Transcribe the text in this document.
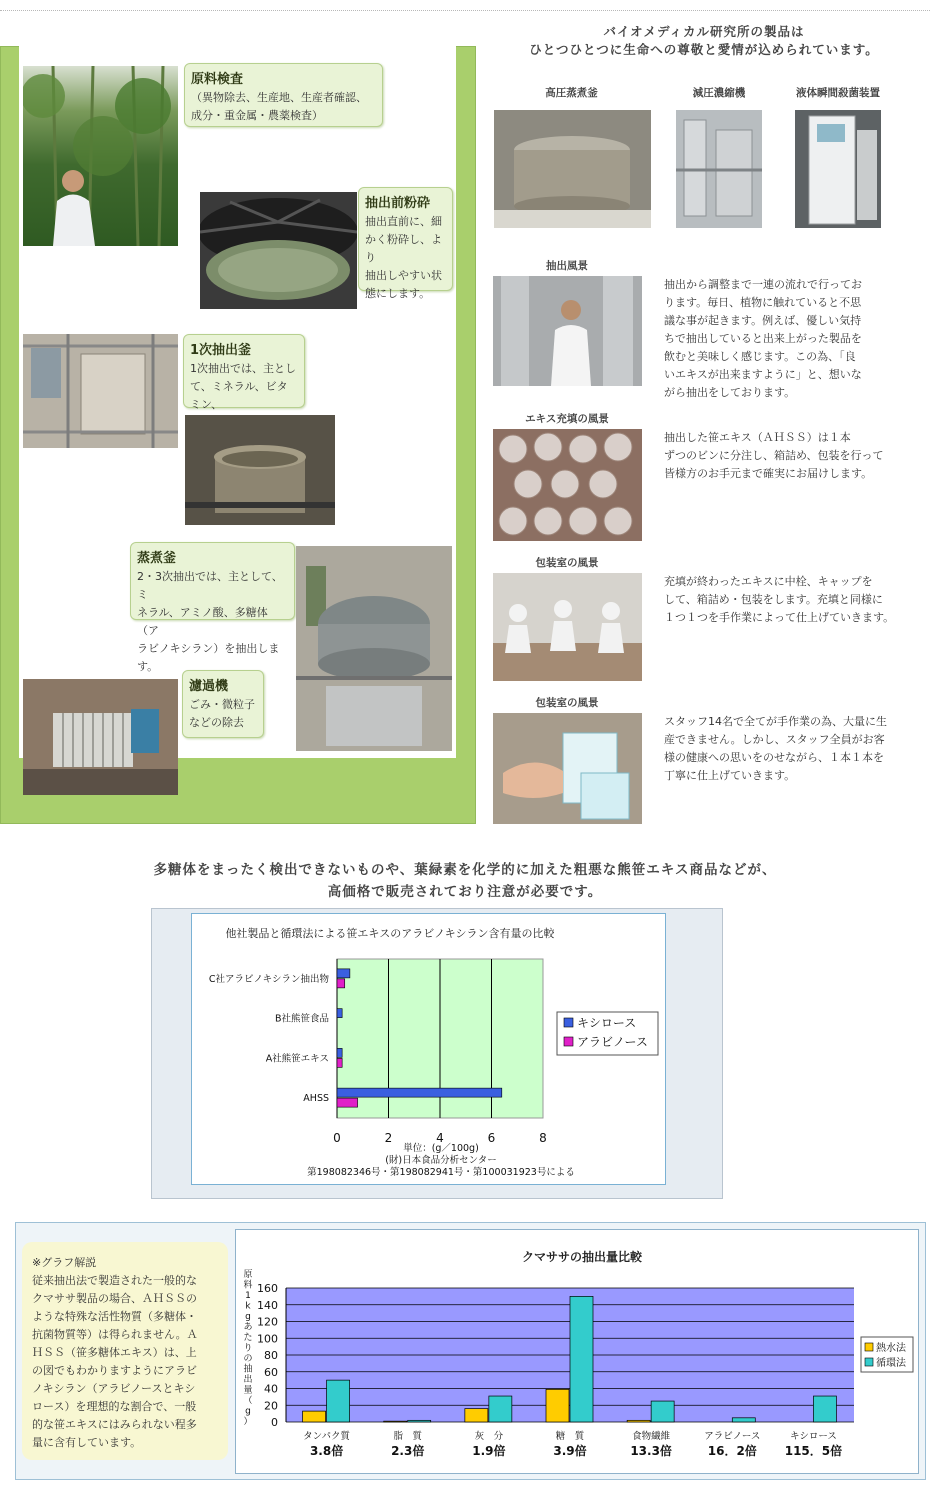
原料検査
（異物除去、生産地、生産者確認、
成分・重金属・農薬検査）
抽出前粉砕
抽出直前に、細
かく粉砕し、より
抽出しやすい状
態にします。
1次抽出釜
1次抽出では、主とし
て、ミネラル、ビタミン、
蒸煮釜
2・3次抽出では、主として、ミ
ネラル、アミノ酸、多糖体（ア
ラビノキシラン）を抽出します。
濾過機
ごみ・微粒子
などの除去
バイオメディカル研究所の製品は
ひとつひとつに生命への尊敬と愛情が込められています。
高圧蒸煮釜	減圧濃縮機	液体瞬間殺菌装置
抽出風景
抽出から調整まで一連の流れで行ってお
ります。毎日、植物に触れていると不思
議な事が起きます。例えば、優しい気持
ちで抽出していると出来上がった製品を
飲むと美味しく感じます。この為、「良
いエキスが出来ますように」と、想いな
がら抽出をしております。
エキス充填の風景
抽出した笹エキス（ＡＨＳＳ）は１本
ずつのビンに分注し、箱詰め、包装を行って
皆様方のお手元まで確実にお届けします。
包装室の風景
充填が終わったエキスに中栓、キャップを
して、箱詰め・包装をします。充填と同様に
１つ１つを手作業によって仕上げていきます。
包装室の風景
スタッフ14名で全てが手作業の為、大量に生
産できません。しかし、スタッフ全員がお客
様の健康への思いをのせながら、１本１本を
丁寧に仕上げていきます。
多糖体をまったく検出できないものや、葉緑素を化学的に加えた粗悪な熊笹エキス商品などが、
高価格で販売されており注意が必要です。
他社製品と循環法による笹エキスのアラビノキシラン含有量の比較
0	2	4	6	8
C社アラビノキシラン抽出物
B社熊笹食品
A社熊笹エキス
AHSS
キシロース
アラビノース
単位：(g／100g)
(財)日本食品分析センター
第198082346号・第198082941号・第100031923号による
※グラフ解説
従来抽出法で製造された一般的な
クマササ製品の場合、ＡＨＳＳの
ような特殊な活性物質（多糖体・
抗菌物質等）は得られません。Ａ
ＨＳＳ（笹多糖体エキス）は、上
の図でもわかりますようにアラビ
ノキシラン（アラビノースとキシ
ロース）を理想的な割合で、一般
的な笹エキスにはみられない程多
量に含有しています。
クマササの抽出量比較
0
20
40
60
80
100
120
140
160
原
料
1
k
g
あ
た
り
の
抽
出
量
（
g
）
タンパク質
3.8倍
脂　質
2.3倍
灰　分
1.9倍
糖　質
3.9倍
食物繊維
13.3倍
アラビノース
16．2倍
キシロース
115．5倍
熱水法
循環法
